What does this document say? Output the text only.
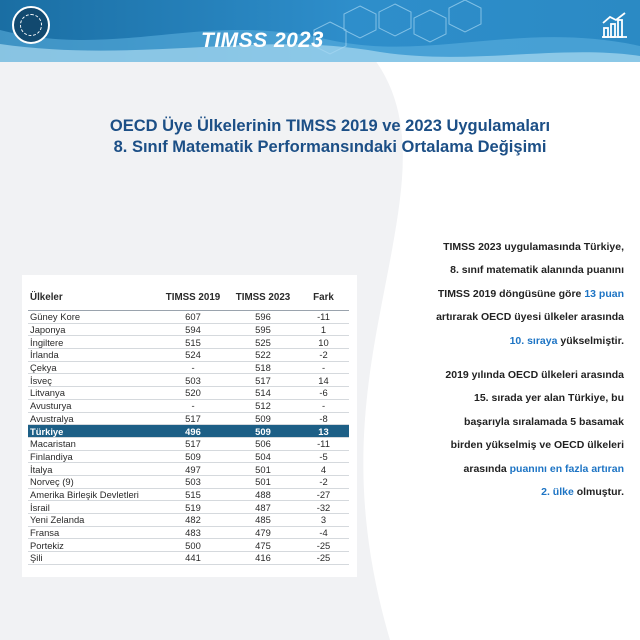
TIMSS 2023
OECD Üye Ülkelerinin TIMSS 2019 ve 2023 Uygulamaları
8. Sınıf Matematik Performansındaki Ortalama Değişimi
Ülkeler	TIMSS 2019	TIMSS 2023	Fark
Güney Kore	607	596	-11
Japonya	594	595	1
İngiltere	515	525	10
İrlanda	524	522	-2
Çekya	-	518	-
İsveç	503	517	14
Litvanya	520	514	-6
Avusturya	-	512	-
Avustralya	517	509	-8
Türkiye	496	509	13
Macaristan	517	506	-11
Finlandiya	509	504	-5
İtalya	497	501	4
Norveç (9)	503	501	-2
Amerika Birleşik Devletleri	515	488	-27
İsrail	519	487	-32
Yeni Zelanda	482	485	3
Fransa	483	479	-4
Portekiz	500	475	-25
Şili	441	416	-25

TIMSS 2023 uygulamasında Türkiye,

8. sınıf matematik alanında puanını

TIMSS 2019 döngüsüne göre 13 puan

artırarak OECD üyesi ülkeler arasında

10. sıraya yükselmiştir.

2019 yılında OECD ülkeleri arasında

15. sırada yer alan Türkiye, bu

başarıyla sıralamada 5 basamak

birden yükselmiş ve OECD ülkeleri

arasında puanını en fazla artıran

2. ülke olmuştur.
